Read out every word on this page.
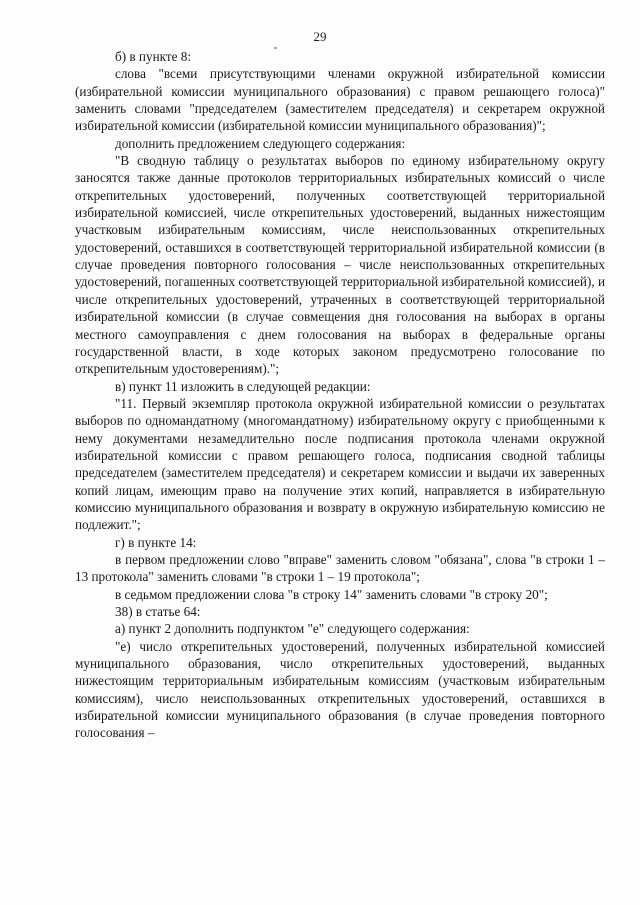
29

б) в пункте 8:

слова "всеми присутствующими членами окружной избирательной комиссии (избирательной комиссии муниципального образования) с правом решающего голоса)" заменить словами "председателем (заместителем председателя) и секретарем окружной избирательной комиссии (избирательной комиссии муниципального образования)";

дополнить предложением следующего содержания:

"В сводную таблицу о результатах выборов по единому избирательному округу заносятся также данные протоколов территориальных избирательных комиссий о числе открепительных удостоверений, полученных соответствующей территориальной избирательной комиссией, числе открепительных удостоверений, выданных нижестоящим участковым избирательным комиссиям, числе неиспользованных открепительных удостоверений, оставшихся в соответствующей территориальной избирательной комиссии (в случае проведения повторного голосования – числе неиспользованных открепительных удостоверений, погашенных соответствующей территориальной избирательной комиссией), и числе открепительных удостоверений, утраченных в соответствующей территориальной избирательной комиссии (в случае совмещения дня голосования на выборах в органы местного самоуправления с днем голосования на выборах в федеральные органы государственной власти, в ходе которых законом предусмотрено голосование по открепительным удостоверениям).";

в) пункт 11 изложить в следующей редакции:

"11. Первый экземпляр протокола окружной избирательной комиссии о результатах выборов по одномандатному (многомандатному) избирательному округу с приобщенными к нему документами незамедлительно после подписания протокола членами окружной избирательной комиссии с правом решающего голоса, подписания сводной таблицы председателем (заместителем председателя) и секретарем комиссии и выдачи их заверенных копий лицам, имеющим право на получение этих копий, направляется в избирательную комиссию муниципального образования и возврату в окружную избирательную комиссию не подлежит.";

г) в пункте 14:

в первом предложении слово "вправе" заменить словом "обязана", слова "в строки 1 – 13 протокола" заменить словами "в строки 1 – 19 протокола";

в седьмом предложении слова "в строку 14" заменить словами "в строку 20";

38) в статье 64:

а) пункт 2 дополнить подпунктом "е" следующего содержания:

"е) число открепительных удостоверений, полученных избирательной комиссией муниципального образования, число открепительных удостоверений, выданных нижестоящим территориальным избирательным комиссиям (участковым избирательным комиссиям), число неиспользованных открепительных удостоверений, оставшихся в избирательной комиссии муниципального образования (в случае проведения повторного голосования –
